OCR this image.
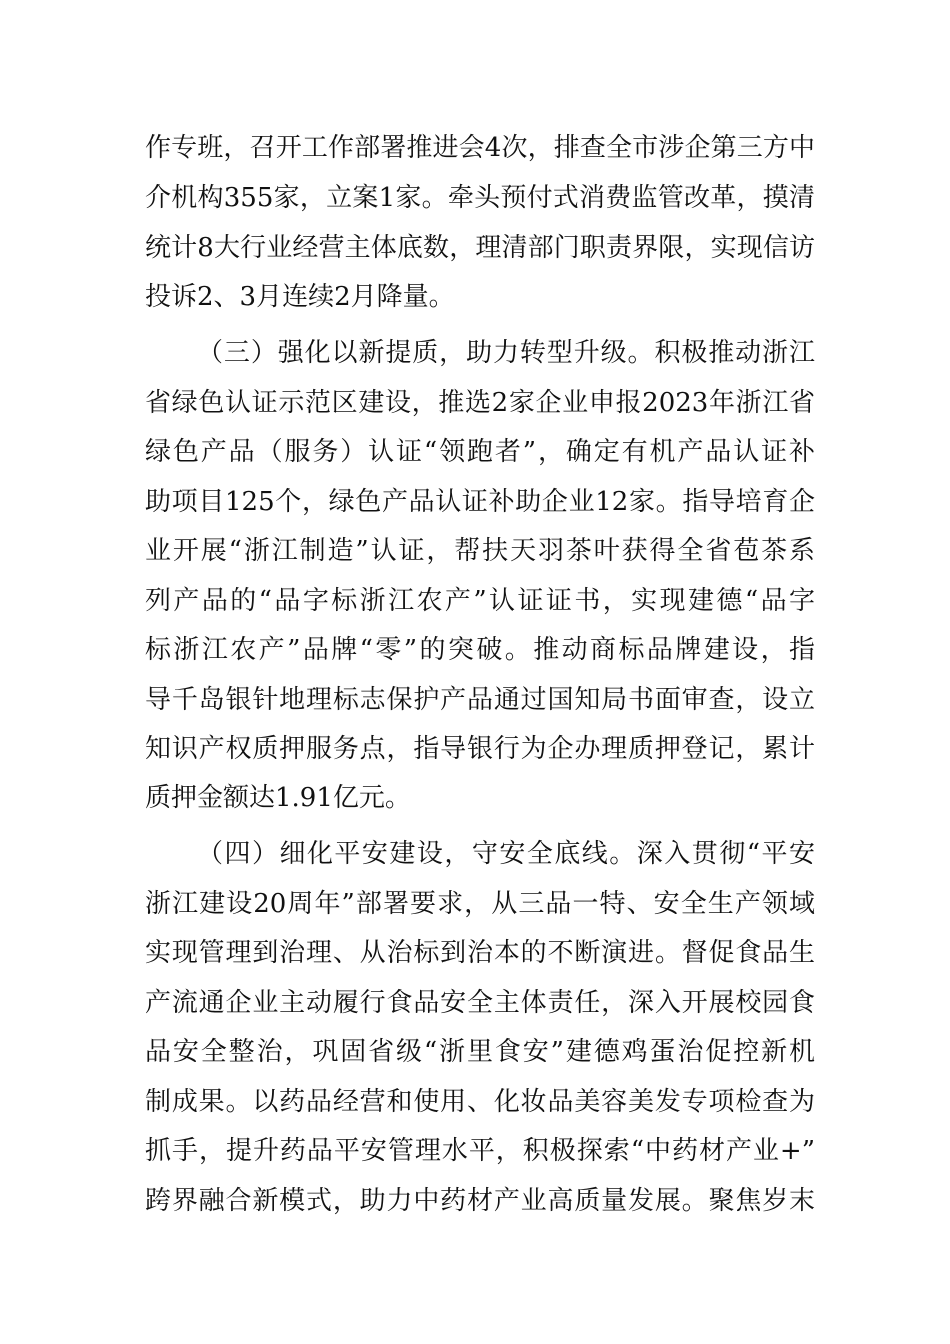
作专班，召开工作部署推进会4次，排查全市涉企第三方中
介机构355家，立案1家。牵头预付式消费监管改革，摸清
统计8大行业经营主体底数，理清部门职责界限，实现信访
投诉2、3月连续2月降量。
（三）强化以新提质，助力转型升级。积极推动浙江
省绿色认证示范区建设，推选2家企业申报2023年浙江省
绿色产品（服务）认证“领跑者”，确定有机产品认证补
助项目125个，绿色产品认证补助企业12家。指导培育企
业开展“浙江制造”认证，帮扶天羽茶叶获得全省苞茶系
列产品的“品字标浙江农产”认证证书，实现建德“品字
标浙江农产”品牌“零”的突破。推动商标品牌建设，指
导千岛银针地理标志保护产品通过国知局书面审查，设立
知识产权质押服务点，指导银行为企办理质押登记，累计
质押金额达1.91亿元。
（四）细化平安建设，守安全底线。深入贯彻“平安
浙江建设20周年”部署要求，从三品一特、安全生产领域
实现管理到治理、从治标到治本的不断演进。督促食品生
产流通企业主动履行食品安全主体责任，深入开展校园食
品安全整治，巩固省级“浙里食安”建德鸡蛋治促控新机
制成果。以药品经营和使用、化妆品美容美发专项检查为
抓手，提升药品平安管理水平，积极探索“中药材产业+”
跨界融合新模式，助力中药材产业高质量发展。聚焦岁末
